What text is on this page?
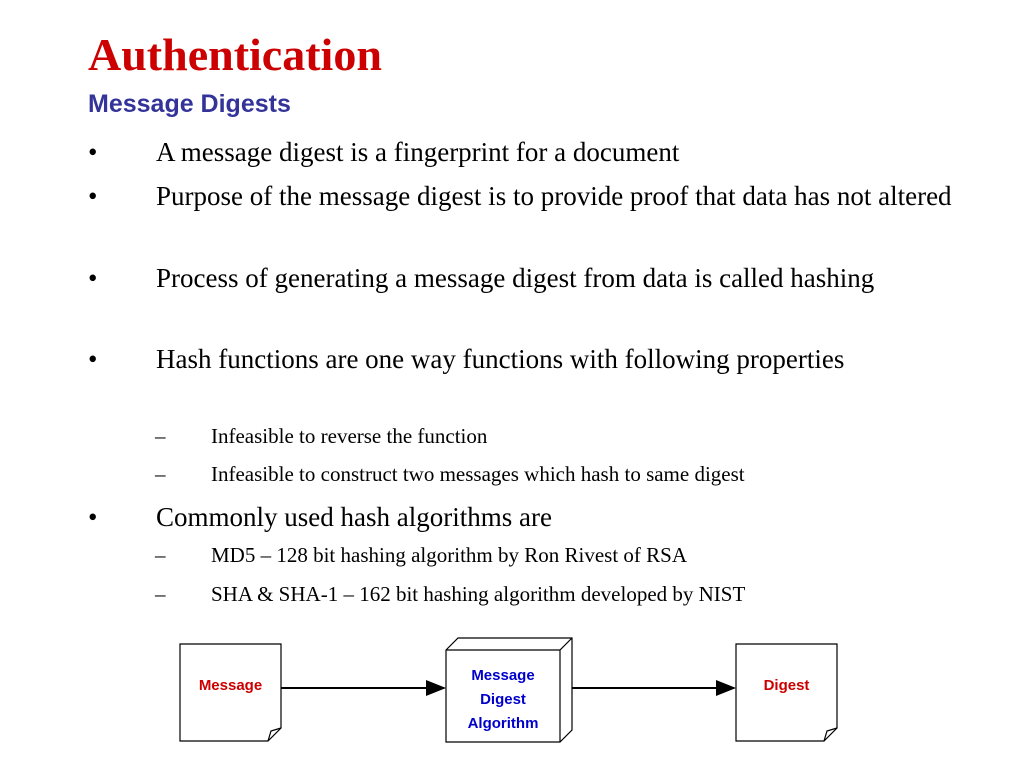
Authentication
Message Digests
• A message digest is a fingerprint for a document
• Purpose of the message digest is to provide proof that data has not altered
• Process of generating a message digest from data is called hashing
• Hash functions are one way functions with following properties
– Infeasible to reverse the function
– Infeasible to construct two messages which hash to same digest
• Commonly used hash algorithms are
– MD5 – 128 bit hashing algorithm by Ron Rivest of RSA
– SHA & SHA-1 – 162 bit hashing algorithm developed by NIST
Message
Message
Digest
Algorithm
Digest
